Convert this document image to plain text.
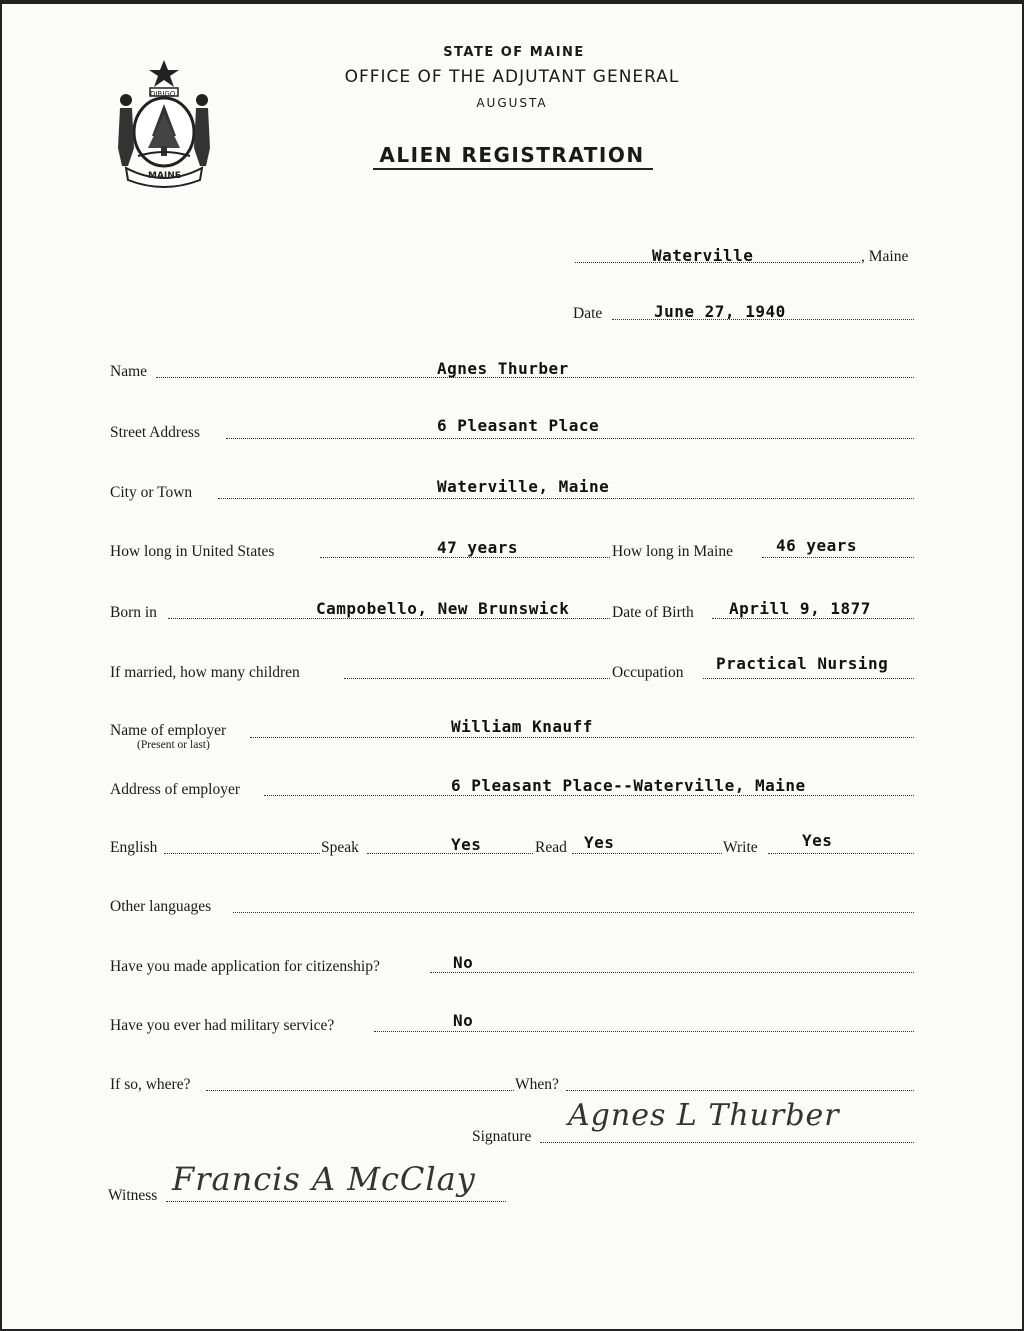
DIRIGO
MAINE
STATE OF MAINE
OFFICE OF THE ADJUTANT GENERAL
AUGUSTA
ALIEN REGISTRATION
Waterville	, Maine
Date	June 27, 1940
Name	Agnes Thurber
Street Address	6 Pleasant Place
City or Town	Waterville, Maine
How long in United States	47 years	How long in Maine	46 years
Born in	Campobello, New Brunswick	Date of Birth Aprill 9, 1877
If married, how many children	Occupation Practical Nursing
Name of employer
(Present or last)
William Knauff
Address of employer	6 Pleasant Place--Waterville, Maine
English	Speak	Yes	Read Yes	Write	Yes
Other languages
Have you made application for citizenship?	No
Have you ever had military service?	No
If so, where?	When?
Signature
Agnes L Thurber
Witness Francis A McClay
